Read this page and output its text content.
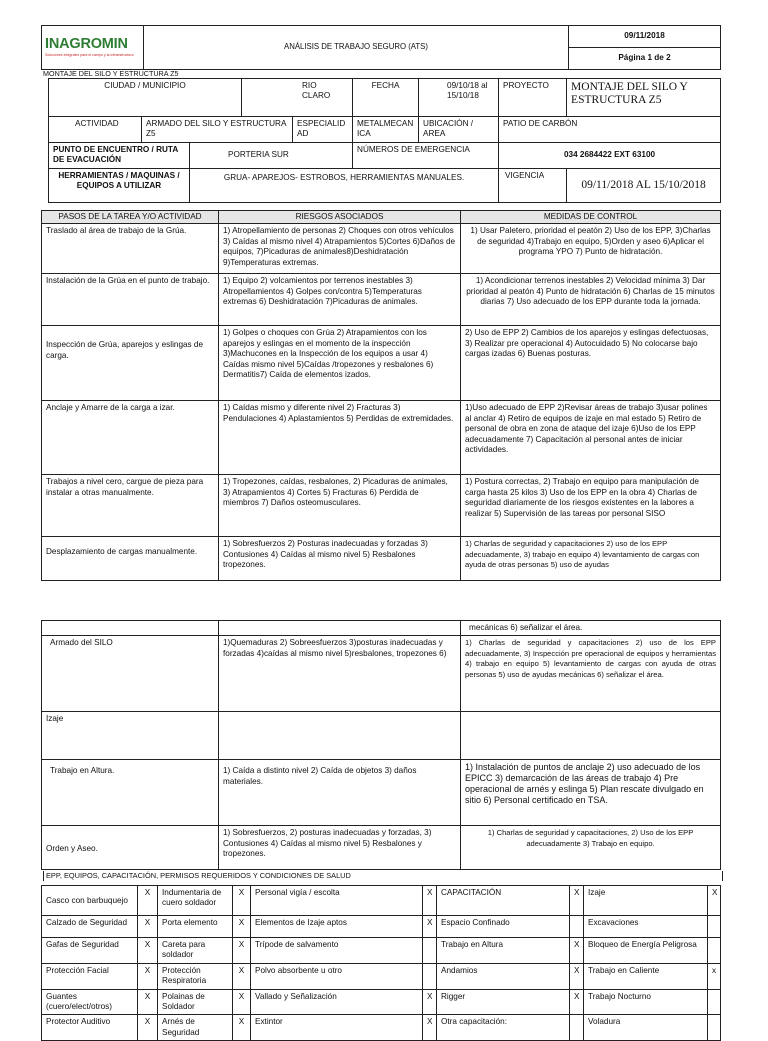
INAGROMIN
Soluciones integrales para el campo y la infraestructura
	ANÁLISIS DE TRABAJO SEGURO (ATS)	09/11/2018
Página 1 de 2
MONTAJE DEL SILO Y ESTRUCTURA Z5
CIUDAD / MUNICIPIO			RIO CLARO		FECHA	09/10/18 al 15/10/18	PROYECTO	MONTAJE DEL SILO Y ESTRUCTURA Z5
ACTIVIDAD	ARMADO DEL SILO Y ESTRUCTURA Z5			ESPECIALIDAD	METALMECANICA	UBICACIÓN / AREA	PATIO DE CARBÓN	
PUNTO DE ENCUENTRO / RUTA DE EVACUACIÓN		PORTERIA SUR			NÚMEROS DE EMERGENCIA		034 2684422 EXT 63100	
HERRAMIENTAS / MAQUINAS / EQUIPOS A UTILIZAR		GRUA- APAREJOS- ESTROBOS, HERRAMIENTAS MANUALES.					VIGENCIA	09/11/2018 AL 15/10/2018
PASOS DE LA TAREA Y/O ACTIVIDAD	RIESGOS ASOCIADOS	MEDIDAS DE CONTROL
Traslado al área de trabajo de la Grúa.	1) Atropellamiento de personas 2) Choques con otros vehículos 3) Caídas al mismo nivel 4) Atrapamientos 5)Cortes 6)Daños de equipos, 7)Picaduras de animales8)Deshidratación 9)Temperaturas extremas.	1) Usar Paletero, prioridad el peatón 2) Uso de los EPP, 3)Charlas de seguridad 4)Trabajo en equipo, 5)Orden y aseo 6)Aplicar el programa YPO 7) Punto de hidratación.
Instalación de la Grúa en el punto de trabajo.	1) Equipo 2) volcamientos por terrenos inestables 3) Atropellamientos 4) Golpes con/contra 5)Temperaturas extremas 6) Deshidratación 7)Picaduras de animales.	1) Acondicionar terrenos inestables 2) Velocidad mínima 3) Dar prioridad al peatón 4) Punto de hidratación 6) Charlas de 15 minutos diarias 7) Uso adecuado de los EPP durante toda la jornada.
Inspección de Grúa, aparejos y eslingas de carga.	1) Golpes o choques con Grúa 2) Atrapamientos con los aparejos y eslingas en el momento de la inspección 3)Machucones en la Inspección de los equipos a usar 4) Caídas mismo nivel 5)Caídas /tropezones y resbalones 6) Dermatitis7) Caída de elementos izados.	2) Uso de EPP 2) Cambios de los aparejos y eslingas defectuosas, 3) Realizar pre operacional 4) Autocuidado 5) No colocarse bajo cargas izadas 6) Buenas posturas.
Anclaje y Amarre de la carga a izar.	1) Caídas mismo y diferente nivel 2) Fracturas 3) Pendulaciones 4) Aplastamientos 5) Perdidas de extremidades.	1)Uso adecuado de EPP 2)Revisar áreas de trabajo 3)usar polines al anclar 4) Retiro de equipos de izaje en mal estado 5) Retiro de personal de obra en zona de ataque del izaje 6)Uso de los EPP adecuadamente 7) Capacitación al personal antes de iniciar actividades.
Trabajos a nivel cero, cargue de pieza para instalar a otras manualmente.	1) Tropezones, caídas, resbalones, 2) Picaduras de animales, 3) Atrapamientos 4) Cortes 5) Fracturas 6) Perdida de miembros 7) Daños osteomusculares.	1) Postura correctas, 2) Trabajo en equipo para manipulación de carga hasta 25 kilos 3) Uso de los EPP en la obra 4) Charlas de seguridad diariamente de los riesgos existentes en la labores a realizar 5) Supervisión de las tareas por personal SISO
Desplazamiento de cargas manualmente.	1) Sobresfuerzos 2) Posturas inadecuadas y forzadas 3) Contusiones 4) Caídas al mismo nivel 5) Resbalones tropezones.	1) Charlas de seguridad y capacitaciones 2) uso de los EPP adecuadamente, 3) trabajo en equipo 4) levantamiento de cargas con ayuda de otras personas 5) uso de ayudas
		mecánicas 6) señalizar el área.
Armado del SILO	1)Quemaduras 2) Sobreesfuerzos 3)posturas inadecuadas y forzadas 4)caídas al mismo nivel 5)resbalones, tropezones 6)	1) Charlas de seguridad y capacitaciones 2) uso de los EPP adecuadamente, 3) Inspección pre operacional de equipos y herramientas 4) trabajo en equipo 5) levantamiento de cargas con ayuda de otras personas 5) uso de ayudas mecánicas 6) señalizar el área.
Izaje		
Trabajo en Altura.	1) Caída a distinto nivel 2) Caída de objetos 3) daños materiales.	1) Instalación de puntos de anclaje 2) uso adecuado de los EPICC 3) demarcación de las áreas de trabajo 4) Pre operacional de arnés y eslinga 5) Plan rescate divulgado en sitio 6) Personal certificado en TSA.
Orden y Aseo.	1) Sobresfuerzos, 2) posturas inadecuadas y forzadas, 3) Contusiones 4) Caídas al mismo nivel 5) Resbalones y tropezones.	1) Charlas de seguridad y capacitaciones, 2) Uso de los EPP adecuadamente 3) Trabajo en equipo.
EPP, EQUIPOS, CAPACITACIÓN, PERMISOS REQUERIDOS Y CONDICIONES DE SALUD
Casco con barbuquejo	X	Indumentaria de cuero soldador	X	Personal vigía / escolta	X	CAPACITACIÓN	X	Izaje	X
Calzado de Seguridad	X	Porta elemento	X	Elementos de Izaje aptos	X	Espacio Confinado		Excavaciones	
Gafas de Seguridad	X	Careta para soldador	X	Trípode de salvamento		Trabajo en Altura	X	Bloqueo de Energía Peligrosa	
Protección Facial	X	Protección Respiratoria	X	Polvo absorbente u otro		Andamios	X	Trabajo en Caliente	x
Guantes (cuero/elect/otros)	X	Polainas de Soldador	X	Vallado y Señalización	X	Rigger	X	Trabajo Nocturno	
Protector Auditivo	X	Arnés de Seguridad	X	Extintor	X	Otra capacitación:		Voladura	
